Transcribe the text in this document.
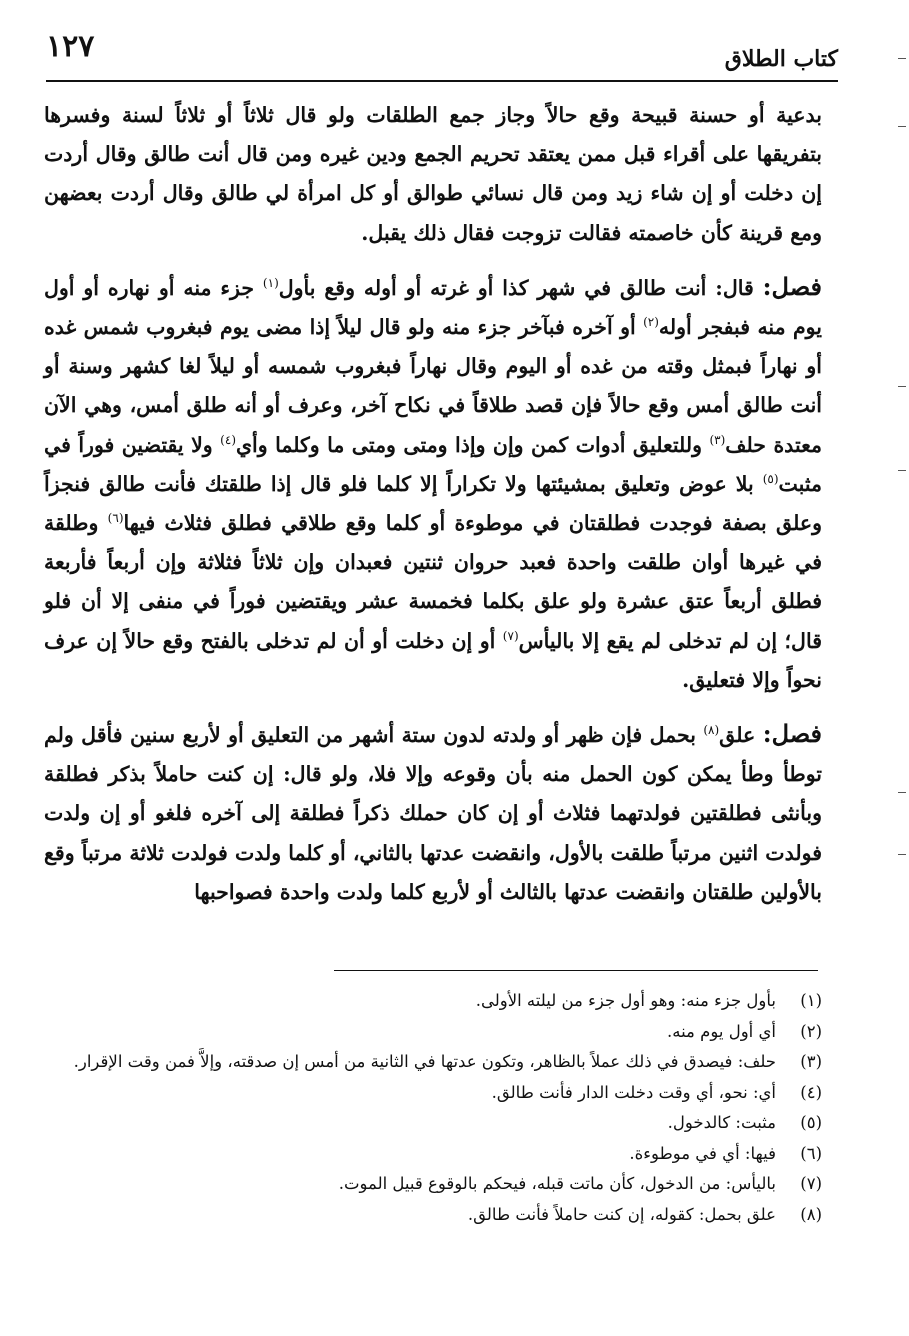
١٢٧	كتاب الطلاق

بدعية أو حسنة قبيحة وقع حالاً وجاز جمع الطلقات ولو قال ثلاثاً أو ثلاثاً لسنة وفسرها بتفريقها على أقراء قبل ممن يعتقد تحريم الجمع ودين غيره ومن قال أنت طالق وقال أردت إن دخلت أو إن شاء زيد ومن قال نسائي طوالق أو كل امرأة لي طالق وقال أردت بعضهن ومع قرينة كأن خاصمته فقالت تزوجت فقال ذلك يقبل.

فصل: قال: أنت طالق في شهر كذا أو غرته أو أوله وقع بأول$^{(١)}$ جزء منه أو نهاره أو أول يوم منه فبفجر أوله$^{(٢)}$ أو آخره فبآخر جزء منه ولو قال ليلاً إذا مضى يوم فبغروب شمس غده أو نهاراً فبمثل وقته من غده أو اليوم وقال نهاراً فبغروب شمسه أو ليلاً لغا كشهر وسنة أو أنت طالق أمس وقع حالاً فإن قصد طلاقاً في نكاح آخر، وعرف أو أنه طلق أمس، وهي الآن معتدة حلف$^{(٣)}$ وللتعليق أدوات كمن وإن وإذا ومتى ومتى ما وكلما وأي$^{(٤)}$ ولا يقتضين فوراً في مثبت$^{(٥)}$ بلا عوض وتعليق بمشيئتها ولا تكراراً إلا كلما فلو قال إذا طلقتك فأنت طالق فنجزاً وعلق بصفة فوجدت فطلقتان في موطوءة أو كلما وقع طلاقي فطلق فثلاث فيها$^{(٦)}$ وطلقة في غيرها أوان طلقت واحدة فعبد حروان ثنتين فعبدان وإن ثلاثاً فثلاثة وإن أربعاً فأربعة فطلق أربعاً عتق عشرة ولو علق بكلما فخمسة عشر ويقتضين فوراً في منفى إلا أن فلو قال؛ إن لم تدخلى لم يقع إلا باليأس$^{(٧)}$ أو إن دخلت أو أن لم تدخلى بالفتح وقع حالاً إن عرف نحواً وإلا فتعليق.

فصل: علق$^{(٨)}$ بحمل فإن ظهر أو ولدته لدون ستة أشهر من التعليق أو لأربع سنين فأقل ولم توطأ وطأ يمكن كون الحمل منه بأن وقوعه وإلا فلا، ولو قال: إن كنت حاملاً بذكر فطلقة وبأنثى فطلقتين فولدتهما فثلاث أو إن كان حملك ذكراً فطلقة إلى آخره فلغو أو إن ولدت فولدت اثنين مرتباً طلقت بالأول، وانقضت عدتها بالثاني، أو كلما ولدت فولدت ثلاثة مرتباً وقع بالأولين طلقتان وانقضت عدتها بالثالث أو لأربع كلما ولدت واحدة فصواحبها

(١)
بأول جزء منه: وهو أول جزء من ليلته الأولى.
(٢)
أي أول يوم منه.
(٣)
حلف: فيصدق في ذلك عملاً بالظاهر، وتكون عدتها في الثانية من أمس إن صدقته، وإلاَّ فمن وقت الإقرار.
(٤)
أي: نحو، أي وقت دخلت الدار فأنت طالق.
(٥)
مثبت: كالدخول.
(٦)
فيها: أي في موطوءة.
(٧)
باليأس: من الدخول، كأن ماتت قبله، فيحكم بالوقوع قبيل الموت.
(٨)
علق بحمل: كقوله، إن كنت حاملاً فأنت طالق.
